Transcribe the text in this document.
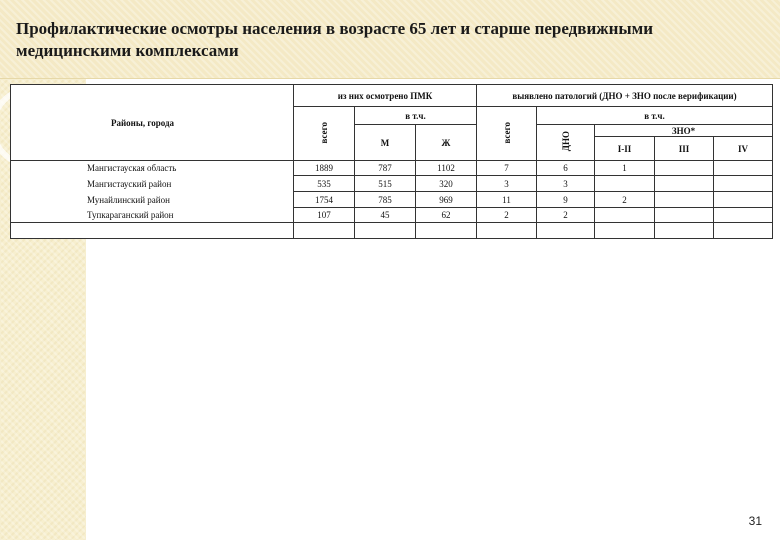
Профилактические осмотры населения в возрасте 65 лет и старше передвижными медицинскими комплексами
Районы, города	из них осмотрено ПМК			выявлено патологий (ДНО + ЗНО после верификации)				
	всего	в т.ч.		всего	в т.ч.			
		М	Ж		ДНО	ЗНО*		
						I-II	III	IV
Мангистауская область	1889	787	1102	7	6	1		
Мангистауский район	535	515	320	3	3			
Мунайлинский район	1754	785	969	11	9	2		
Тупкараганский район	107	45	62	2	2			

31
